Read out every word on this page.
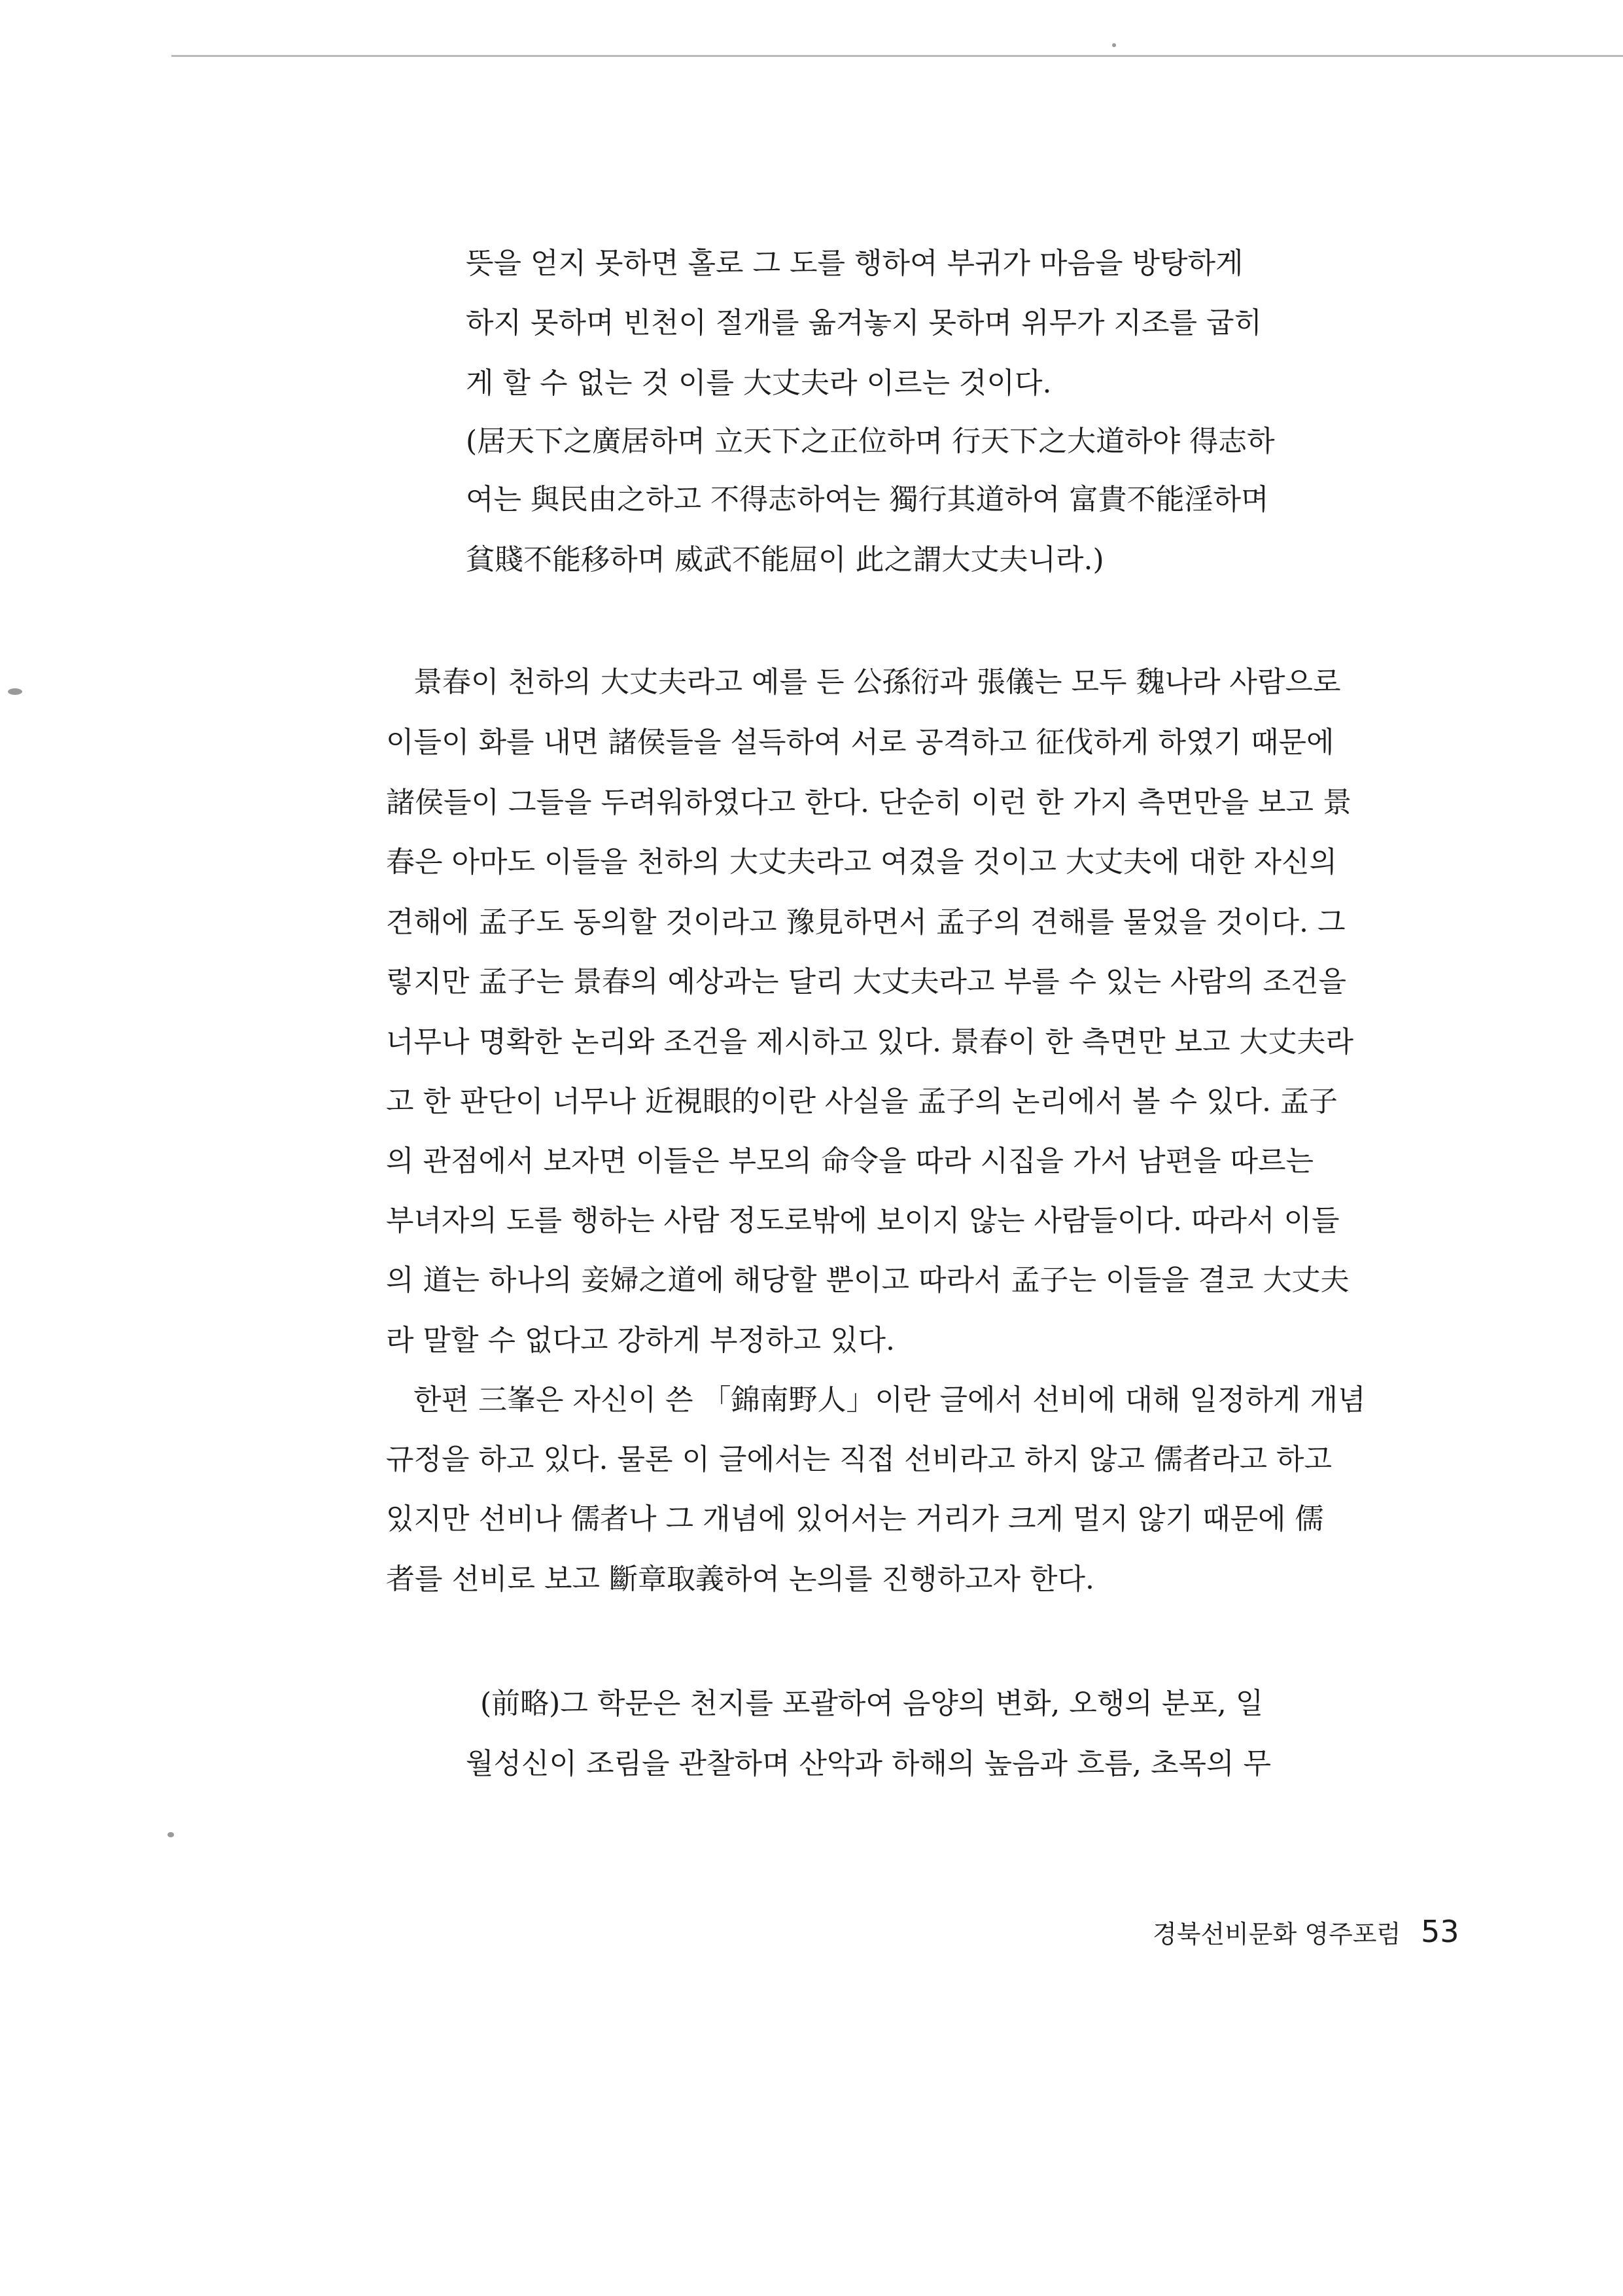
뜻을 얻지 못하면 홀로 그 도를 행하여 부귀가 마음을 방탕하게
하지 못하며 빈천이 절개를 옮겨놓지 못하며 위무가 지조를 굽히
게 할 수 없는 것 이를 大丈夫라 이르는 것이다.
(居天下之廣居하며 立天下之正位하며 行天下之大道하야 得志하
여는 與民由之하고 不得志하여는 獨行其道하여 富貴不能淫하며
貧賤不能移하며 威武不能屈이 此之謂大丈夫니라.)
景春이 천하의 大丈夫라고 예를 든 公孫衍과 張儀는 모두 魏나라 사람으로
이들이 화를 내면 諸侯들을 설득하여 서로 공격하고 征伐하게 하였기 때문에
諸侯들이 그들을 두려워하였다고 한다. 단순히 이런 한 가지 측면만을 보고 景
春은 아마도 이들을 천하의 大丈夫라고 여겼을 것이고 大丈夫에 대한 자신의
견해에 孟子도 동의할 것이라고 豫見하면서 孟子의 견해를 물었을 것이다. 그
렇지만 孟子는 景春의 예상과는 달리 大丈夫라고 부를 수 있는 사람의 조건을
너무나 명확한 논리와 조건을 제시하고 있다. 景春이 한 측면만 보고 大丈夫라
고 한 판단이 너무나 近視眼的이란 사실을 孟子의 논리에서 볼 수 있다. 孟子
의 관점에서 보자면 이들은 부모의 命令을 따라 시집을 가서 남편을 따르는
부녀자의 도를 행하는 사람 정도로밖에 보이지 않는 사람들이다. 따라서 이들
의 道는 하나의 妾婦之道에 해당할 뿐이고 따라서 孟子는 이들을 결코 大丈夫
라 말할 수 없다고 강하게 부정하고 있다.
한편 三峯은 자신이 쓴 「錦南野人」이란 글에서 선비에 대해 일정하게 개념
규정을 하고 있다. 물론 이 글에서는 직접 선비라고 하지 않고 儒者라고 하고
있지만 선비나 儒者나 그 개념에 있어서는 거리가 크게 멀지 않기 때문에 儒
者를 선비로 보고 斷章取義하여 논의를 진행하고자 한다.
(前略)그 학문은 천지를 포괄하여 음양의 변화, 오행의 분포, 일
월성신이 조림을 관찰하며 산악과 하해의 높음과 흐름, 초목의 무
경북선비문화 영주포럼 53
